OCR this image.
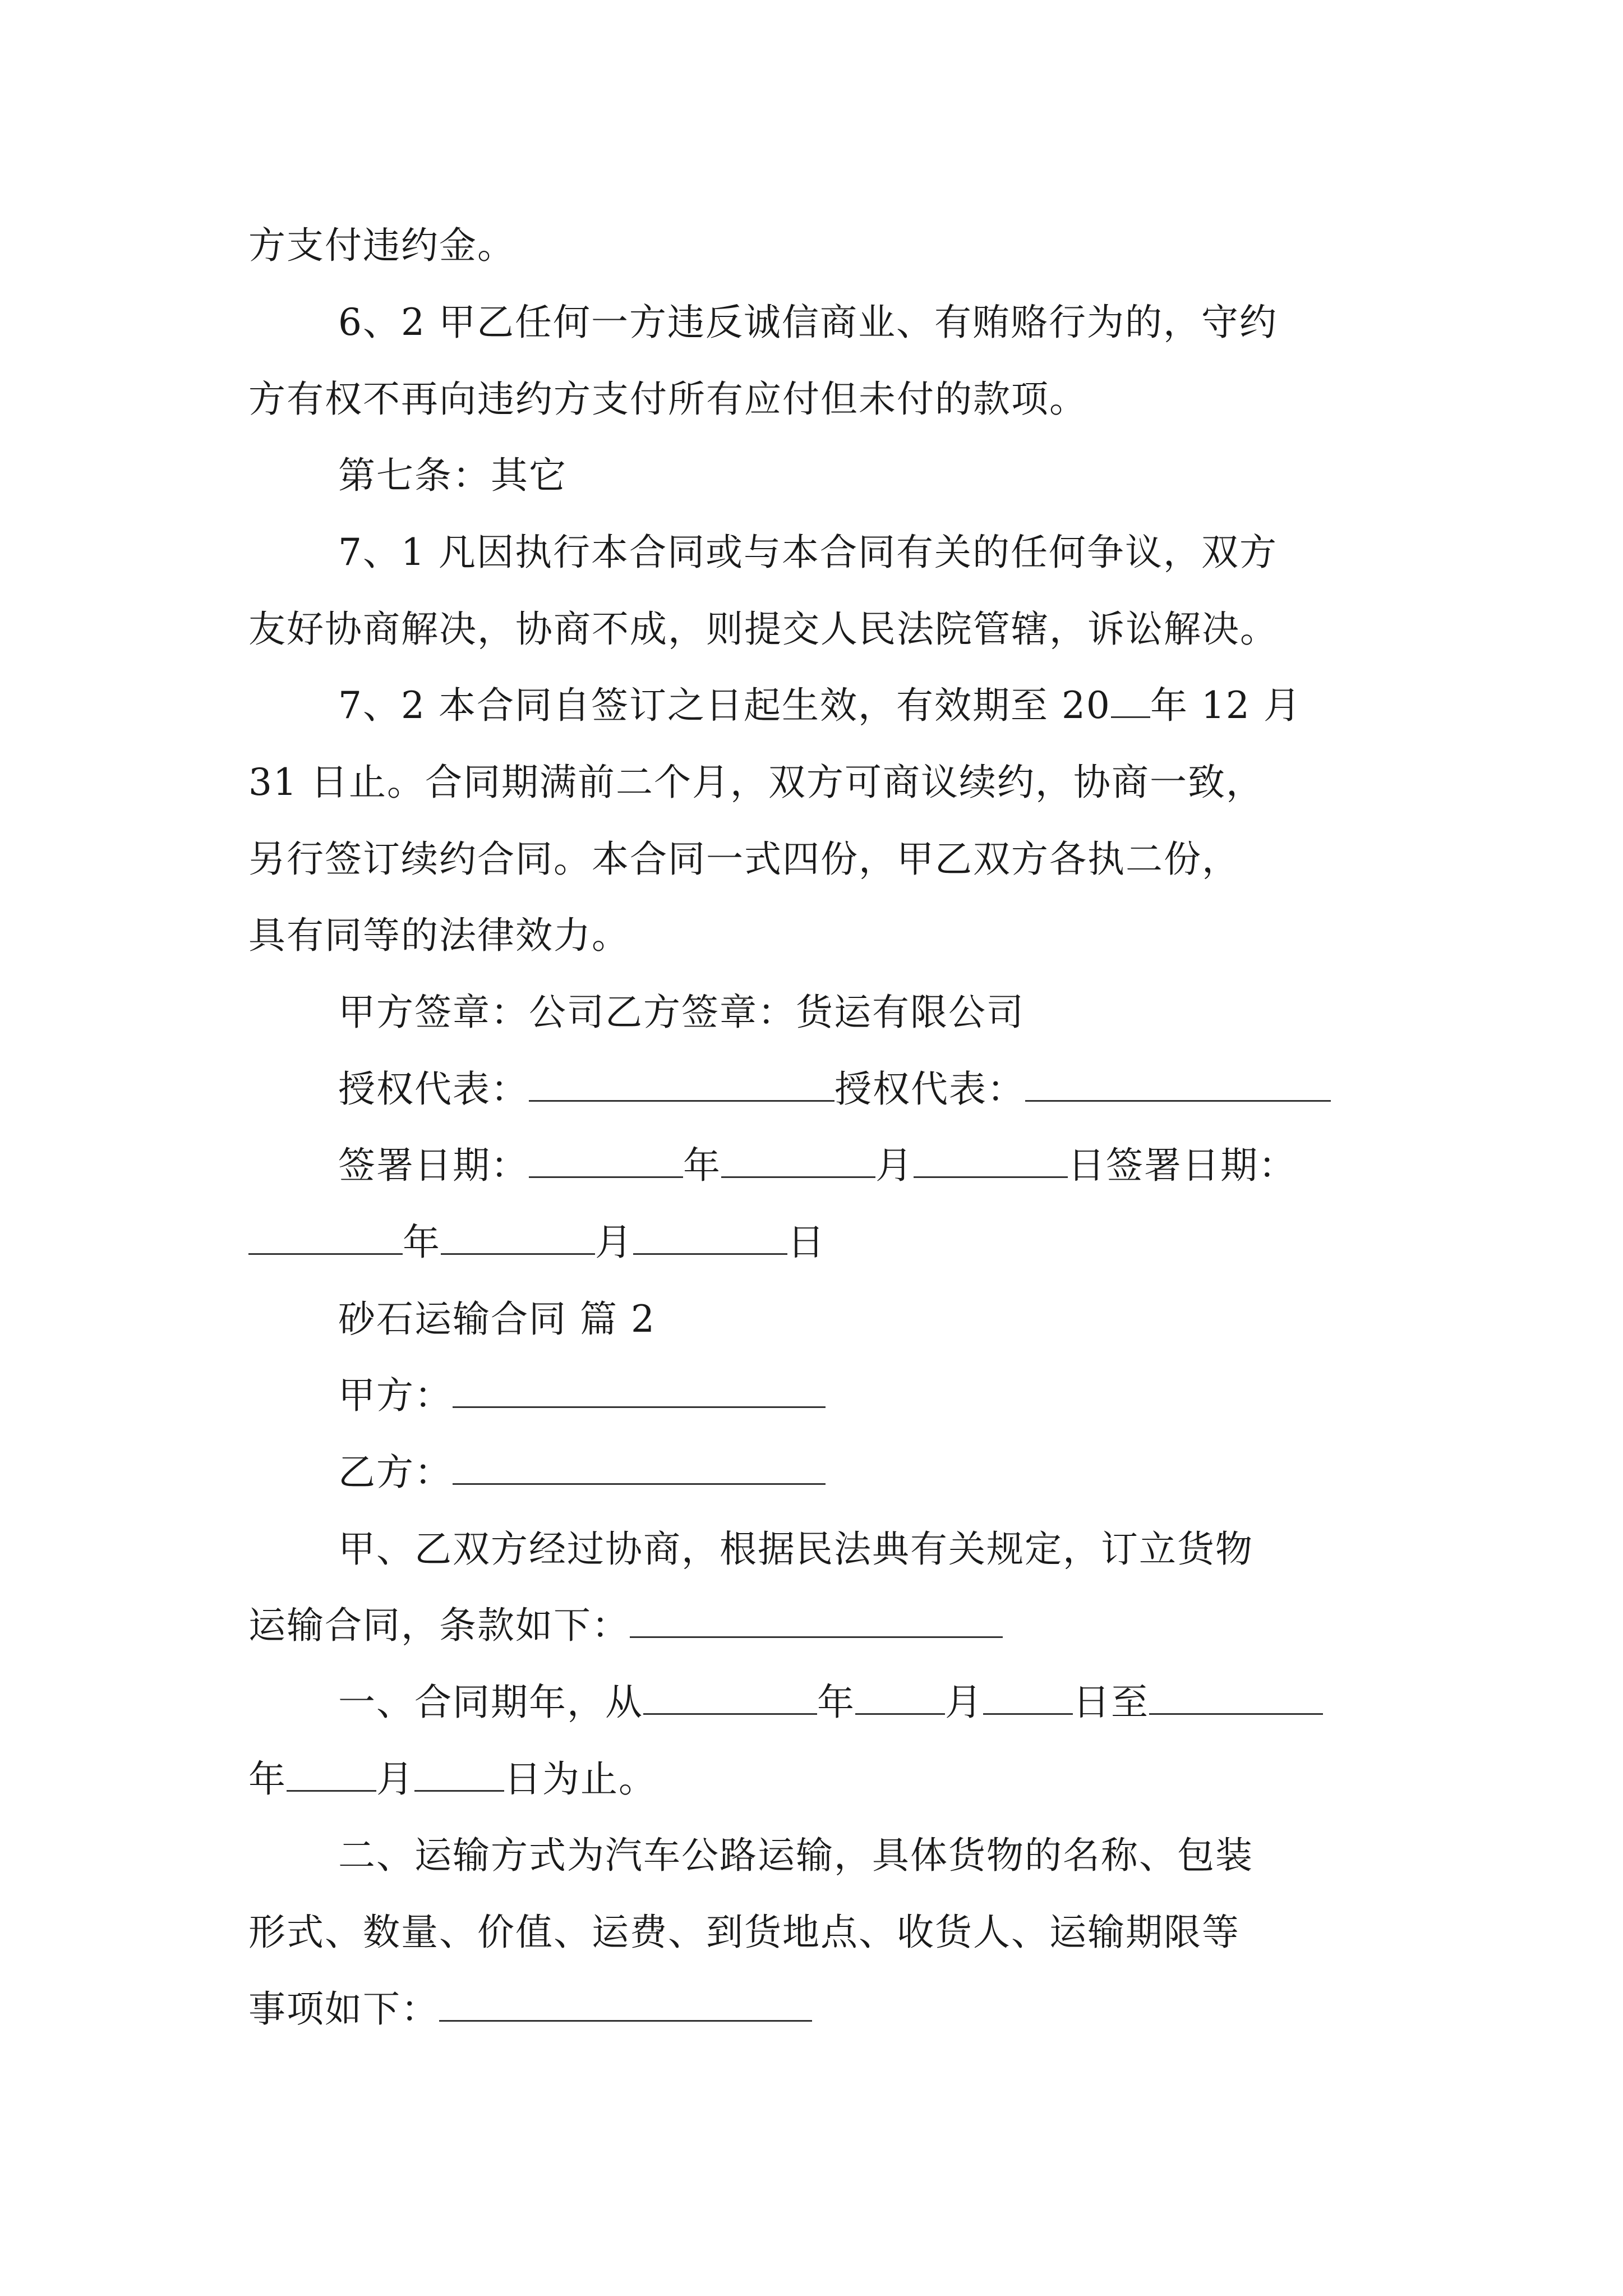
方支付违约金。
6、2 甲乙任何一方违反诚信商业、有贿赂行为的，守约
方有权不再向违约方支付所有应付但未付的款项。
第七条：其它
7、1 凡因执行本合同或与本合同有关的任何争议，双方
友好协商解决，协商不成，则提交人民法院管辖，诉讼解决。
7、2 本合同自签订之日起生效，有效期至 20 年 12 月
31 日止。合同期满前二个月，双方可商议续约，协商一致，
另行签订续约合同。本合同一式四份，甲乙双方各执二份，
具有同等的法律效力。
甲方签章：公司乙方签章：货运有限公司
授权代表：	授权代表：
签署日期：	年	月	日签署日期：
年	月	日
砂石运输合同 篇 2
甲方：
乙方：
甲、乙双方经过协商，根据民法典有关规定，订立货物
运输合同，条款如下：
一、合同期年，从	年 月 日至
年 月 日为止。
二、运输方式为汽车公路运输，具体货物的名称、包装
形式、数量、价值、运费、到货地点、收货人、运输期限等
事项如下：
